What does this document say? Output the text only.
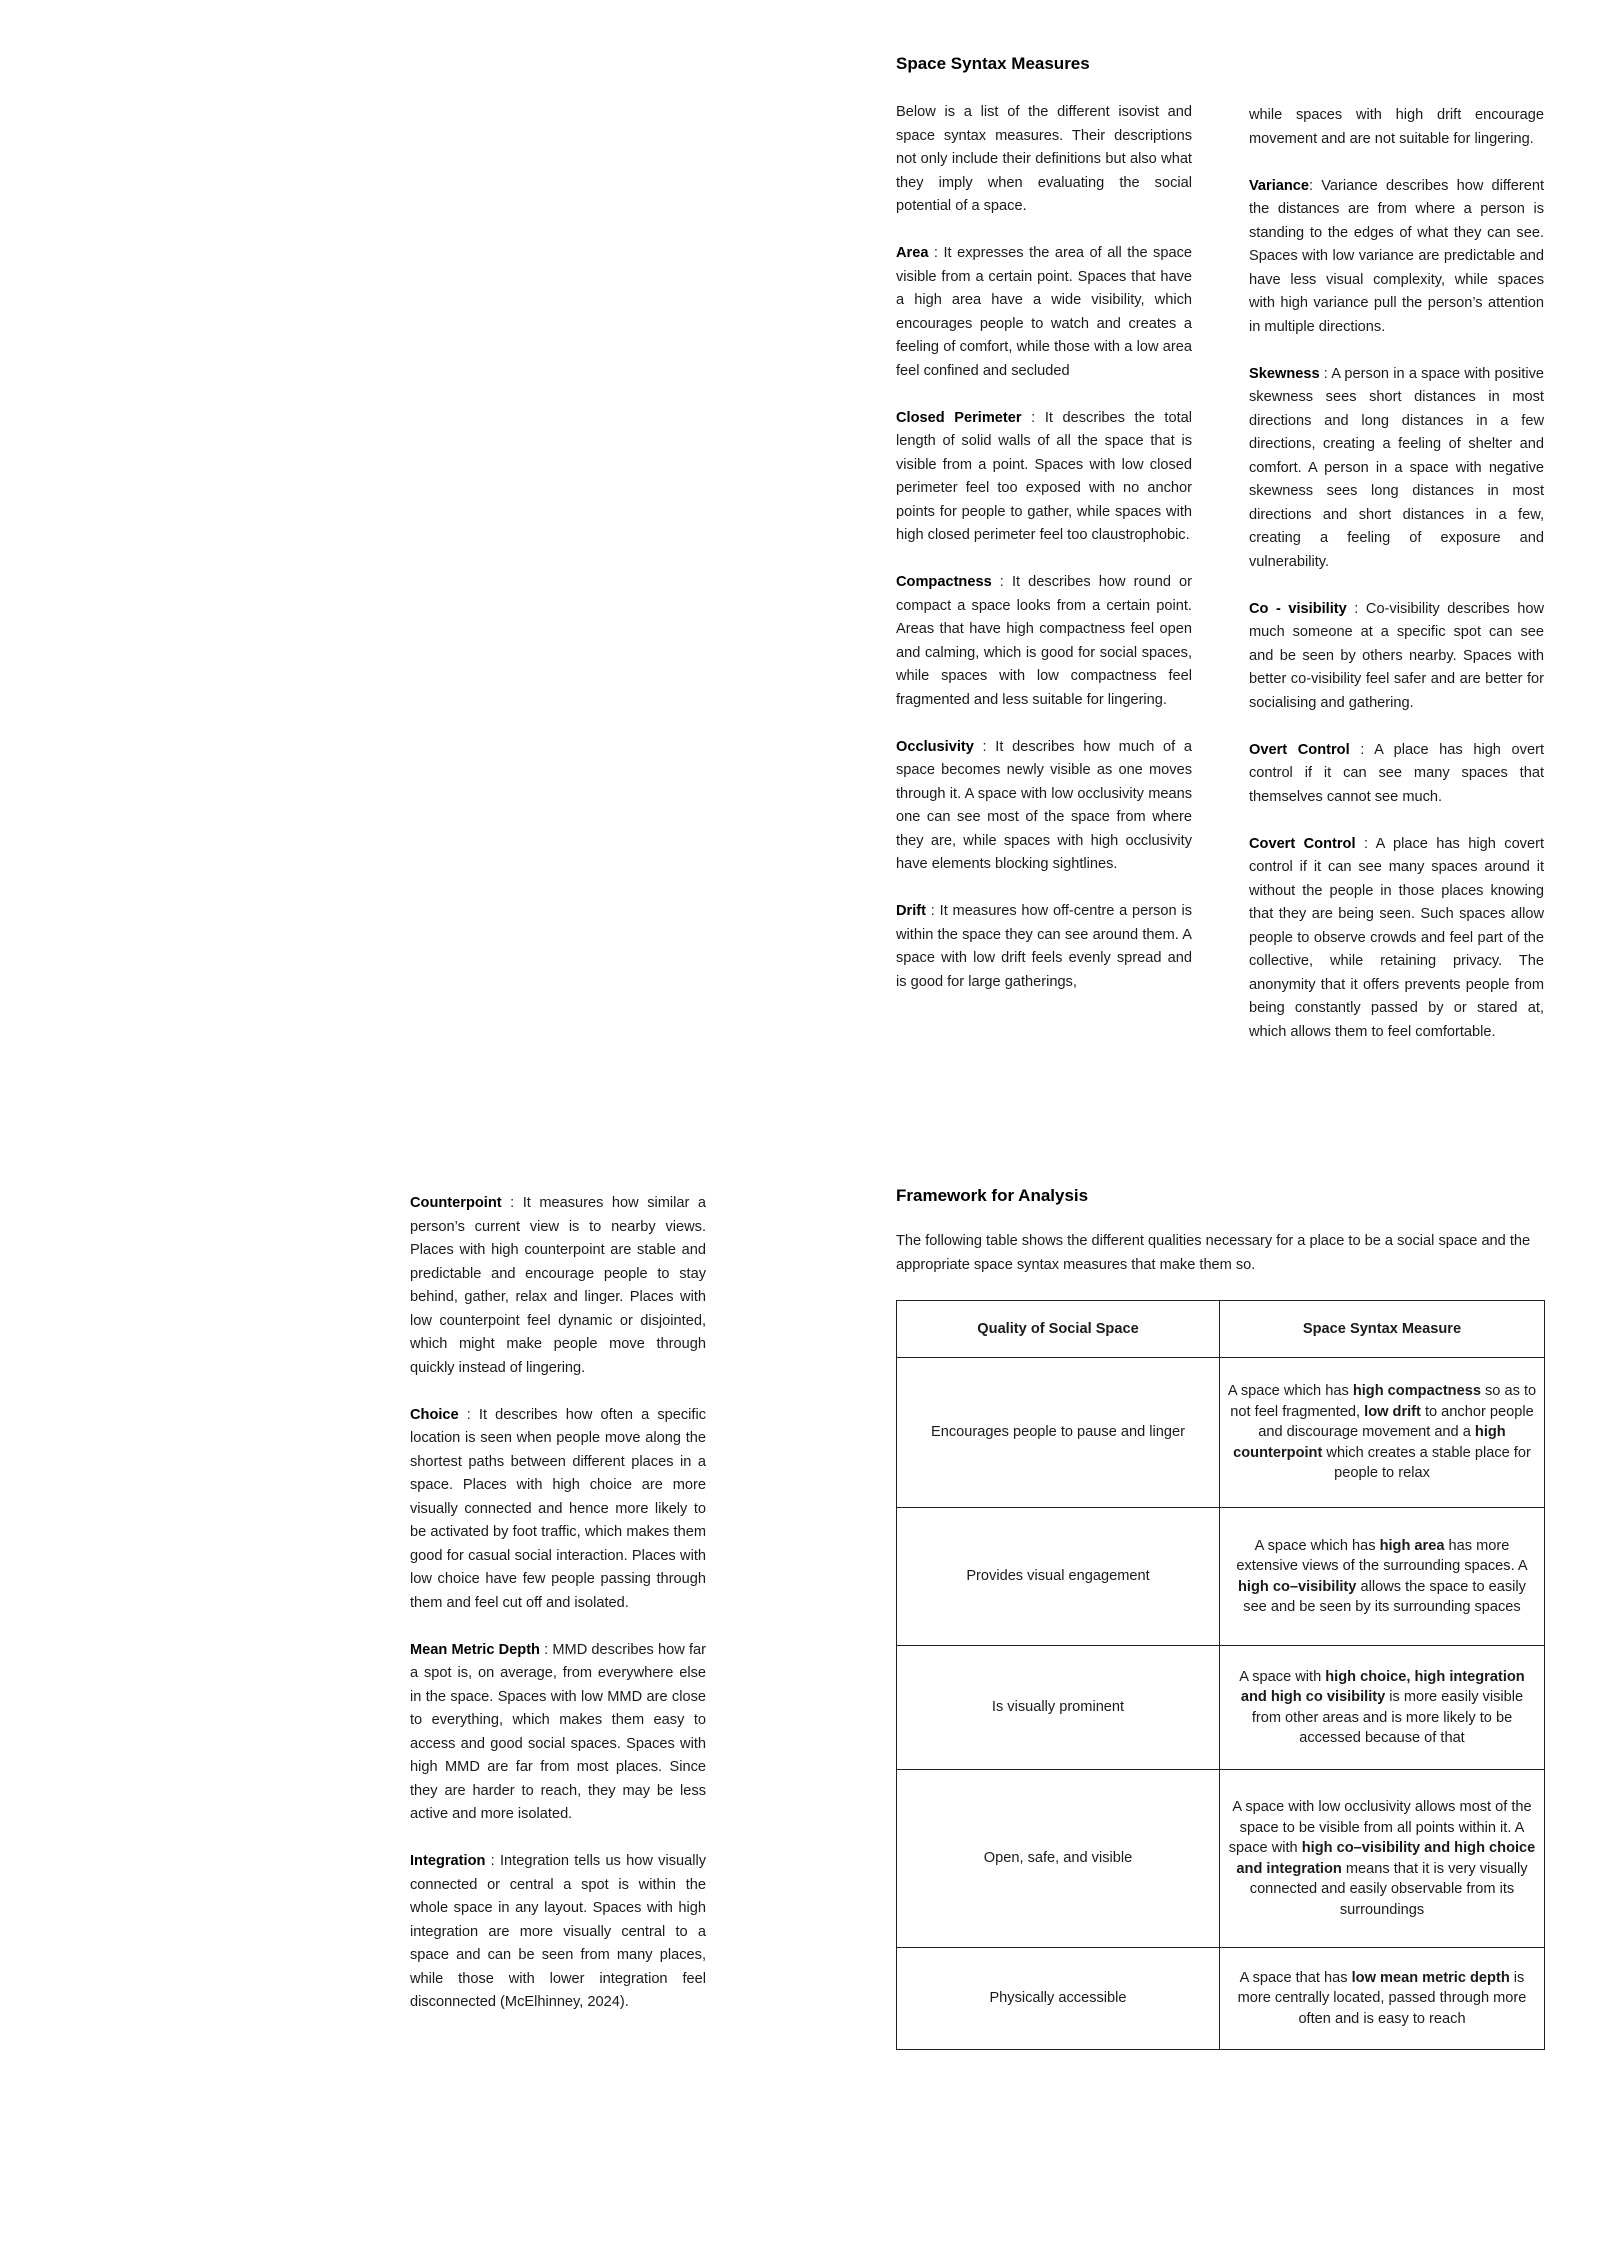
Space Syntax Measures

Below is a list of the different isovist and space syntax measures. Their descriptions not only include their definitions but also what they imply when evaluating the social potential of a space.

Area : It expresses the area of all the space visible from a certain point. Spaces that have a high area have a wide visibility, which encourages people to watch and creates a feeling of comfort, while those with a low area feel confined and secluded

Closed Perimeter : It describes the total length of solid walls of all the space that is visible from a point. Spaces with low closed perimeter feel too exposed with no anchor points for people to gather, while spaces with high closed perimeter feel too claustrophobic.

Compactness : It describes how round or compact a space looks from a certain point. Areas that have high compactness feel open and calming, which is good for social spaces, while spaces with low compactness feel fragmented and less suitable for lingering.

Occlusivity : It describes how much of a space becomes newly visible as one moves through it. A space with low occlusivity means one can see most of the space from where they are, while spaces with high occlusivity have elements blocking sightlines.

Drift : It measures how off-centre a person is within the space they can see around them. A space with low drift feels evenly spread and is good for large gatherings,

while spaces with high drift encourage movement and are not suitable for lingering.

Variance: Variance describes how different the distances are from where a person is standing to the edges of what they can see. Spaces with low variance are predictable and have less visual complexity, while spaces with high variance pull the person’s attention in multiple directions.

Skewness : A person in a space with positive skewness sees short distances in most directions and long distances in a few directions, creating a feeling of shelter and comfort. A person in a space with negative skewness sees long distances in most directions and short distances in a few, creating a feeling of exposure and vulnerability.

Co - visibility : Co-visibility describes how much someone at a specific spot can see and be seen by others nearby. Spaces with better co-visibility feel safer and are better for socialising and gathering.

Overt Control : A place has high overt control if it can see many spaces that themselves cannot see much.

Covert Control : A place has high covert control if it can see many spaces around it without the people in those places knowing that they are being seen. Such spaces allow people to observe crowds and feel part of the collective, while retaining privacy. The anonymity that it offers prevents people from being constantly passed by or stared at, which allows them to feel comfortable.

Counterpoint : It measures how similar a person’s current view is to nearby views. Places with high counterpoint are stable and predictable and encourage people to stay behind, gather, relax and linger. Places with low counterpoint feel dynamic or disjointed, which might make people move through quickly instead of lingering.

Choice : It describes how often a specific location is seen when people move along the shortest paths between different places in a space. Places with high choice are more visually connected and hence more likely to be activated by foot traffic, which makes them good for casual social interaction. Places with low choice have few people passing through them and feel cut off and isolated.

Mean Metric Depth : MMD describes how far a spot is, on average, from everywhere else in the space. Spaces with low MMD are close to everything, which makes them easy to access and good social spaces. Spaces with high MMD are far from most places. Since they are harder to reach, they may be less active and more isolated.

Integration : Integration tells us how visually connected or central a spot is within the whole space in any layout. Spaces with high integration are more visually central to a space and can be seen from many places, while those with lower integration feel disconnected (McElhinney, 2024).

Framework for Analysis

The following table shows the different qualities necessary for a place to be a social space and the appropriate space syntax measures that make them so.

Quality of Social Space	Space Syntax Measure
Encourages people to pause and linger	A space which has high compactness so as to not feel fragmented, low drift to anchor people and discourage movement and a high counterpoint which creates a stable place for people to relax
Provides visual engagement	A space which has high area has more extensive views of the surrounding spaces. A high co–visibility allows the space to easily see and be seen by its surrounding spaces
Is visually prominent	A space with high choice, high integration and high co visibility is more easily visible from other areas and is more likely to be accessed because of that
Open, safe, and visible	A space with low occlusivity allows most of the space to be visible from all points within it. A space with high co–visibility and high choice and integration means that it is very visually connected and easily observable from its surroundings
Physically accessible	A space that has low mean metric depth is more centrally located, passed through more often and is easy to reach
